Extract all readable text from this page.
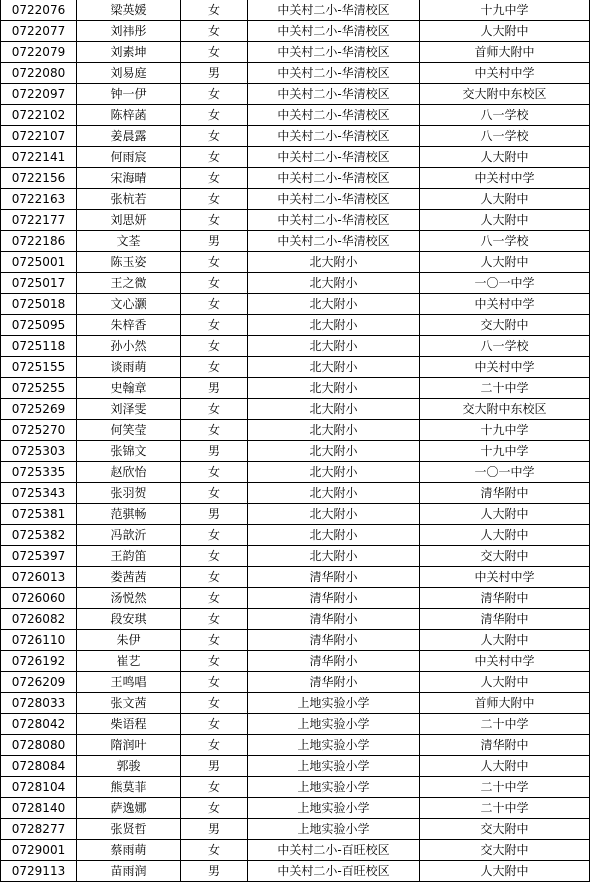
0722076	梁英媛	女	中关村二小-华清校区	十九中学
0722077	刘祎彤	女	中关村二小-华清校区	人大附中
0722079	刘素坤	女	中关村二小-华清校区	首师大附中
0722080	刘易庭	男	中关村二小-华清校区	中关村中学
0722097	钟一伊	女	中关村二小-华清校区	交大附中东校区
0722102	陈梓菡	女	中关村二小-华清校区	八一学校
0722107	姜晨露	女	中关村二小-华清校区	八一学校
0722141	何雨宸	女	中关村二小-华清校区	人大附中
0722156	宋海晴	女	中关村二小-华清校区	中关村中学
0722163	张杭若	女	中关村二小-华清校区	人大附中
0722177	刘思妍	女	中关村二小-华清校区	人大附中
0722186	文荃	男	中关村二小-华清校区	八一学校
0725001	陈玉姿	女	北大附小	人大附中
0725017	王之微	女	北大附小	一〇一中学
0725018	文心灏	女	北大附小	中关村中学
0725095	朱梓香	女	北大附小	交大附中
0725118	孙小然	女	北大附小	八一学校
0725155	谈雨萌	女	北大附小	中关村中学
0725255	史翰章	男	北大附小	二十中学
0725269	刘泽雯	女	北大附小	交大附中东校区
0725270	何笑莹	女	北大附小	十九中学
0725303	张锦文	男	北大附小	十九中学
0725335	赵欣怡	女	北大附小	一〇一中学
0725343	张羽贺	女	北大附小	清华附中
0725381	范骐畅	男	北大附小	人大附中
0725382	冯歆沂	女	北大附小	人大附中
0725397	王韵笛	女	北大附小	交大附中
0726013	娄茜茜	女	清华附小	中关村中学
0726060	汤悦然	女	清华附小	清华附中
0726082	段安琪	女	清华附小	清华附中
0726110	朱伊	女	清华附小	人大附中
0726192	崔艺	女	清华附小	中关村中学
0726209	王鸣唱	女	清华附小	人大附中
0728033	张文茜	女	上地实验小学	首师大附中
0728042	柴语程	女	上地实验小学	二十中学
0728080	隋润叶	女	上地实验小学	清华附中
0728084	郭骏	男	上地实验小学	人大附中
0728104	熊莫菲	女	上地实验小学	二十中学
0728140	萨逸娜	女	上地实验小学	二十中学
0728277	张贤哲	男	上地实验小学	交大附中
0729001	蔡雨萌	女	中关村二小-百旺校区	交大附中
0729113	苗雨润	男	中关村二小-百旺校区	人大附中
